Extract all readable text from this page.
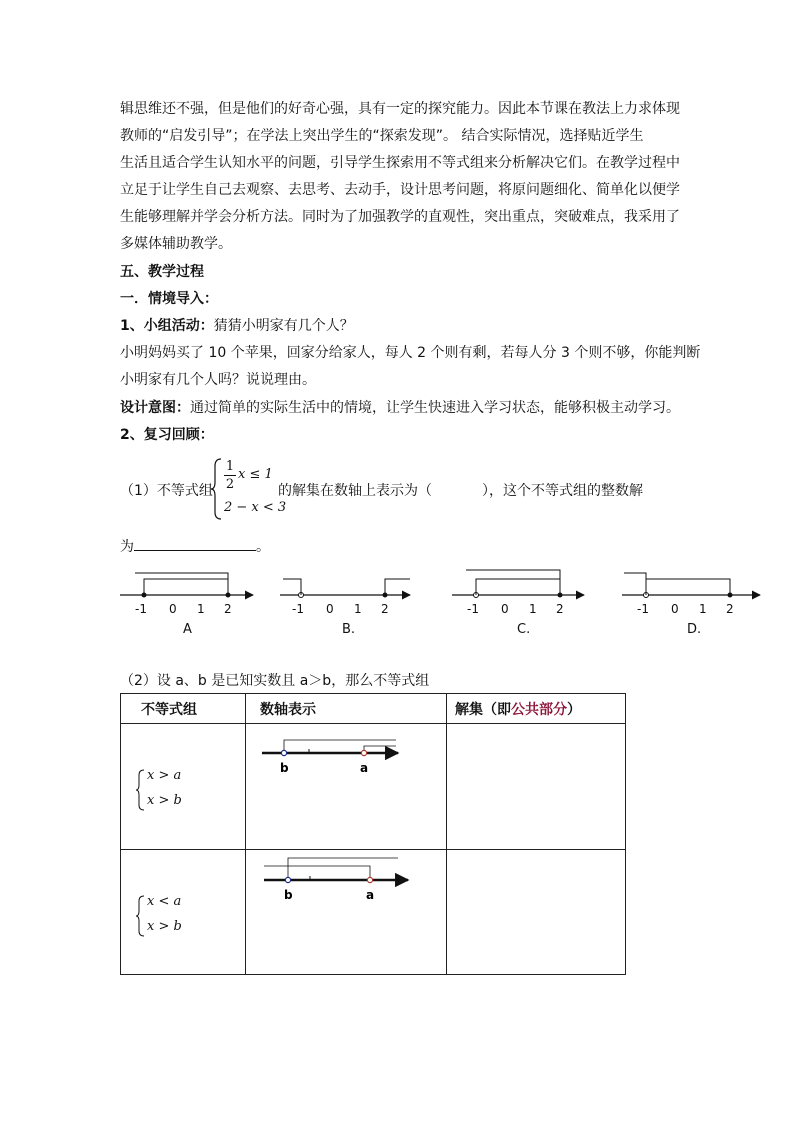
辑思维还不强，但是他们的好奇心强，具有一定的探究能力。因此本节课在教法上力求体现
教师的“启发引导”；在学法上突出学生的“探索发现”。 结合实际情况，选择贴近学生
生活且适合学生认知水平的问题，引导学生探索用不等式组来分析解决它们。在教学过程中
立足于让学生自己去观察、去思考、去动手，设计思考问题，将原问题细化、简单化以便学
生能够理解并学会分析方法。同时为了加强教学的直观性，突出重点，突破难点，我采用了
多媒体辅助教学。
五、教学过程
一．情境导入：
1、小组活动：猜猜小明家有几个人？
小明妈妈买了 10 个苹果，回家分给家人，每人 2 个则有剩，若每人分 3 个则不够，你能判断
小明家有几个人吗？说说理由。
设计意图：通过简单的实际生活中的情境，让学生快速进入学习状态，能够积极主动学习。
2、复习回顾：
（1）不等式组
1
2
x ≤ 1
2 − x < 3
的解集在数轴上表示为（	），这个不等式组的整数解
为	。
-1 0 1 2	-1 0 1 2	-1 0 1 2	-1 0 1 2
A	B.	C.	D.
（2）设 a、b 是已知实数且 a＞b，那么不等式组
不等式组	数轴表示	解集（即公共部分）

x > a
x > b	b a	

x < a
x > b	b a	
